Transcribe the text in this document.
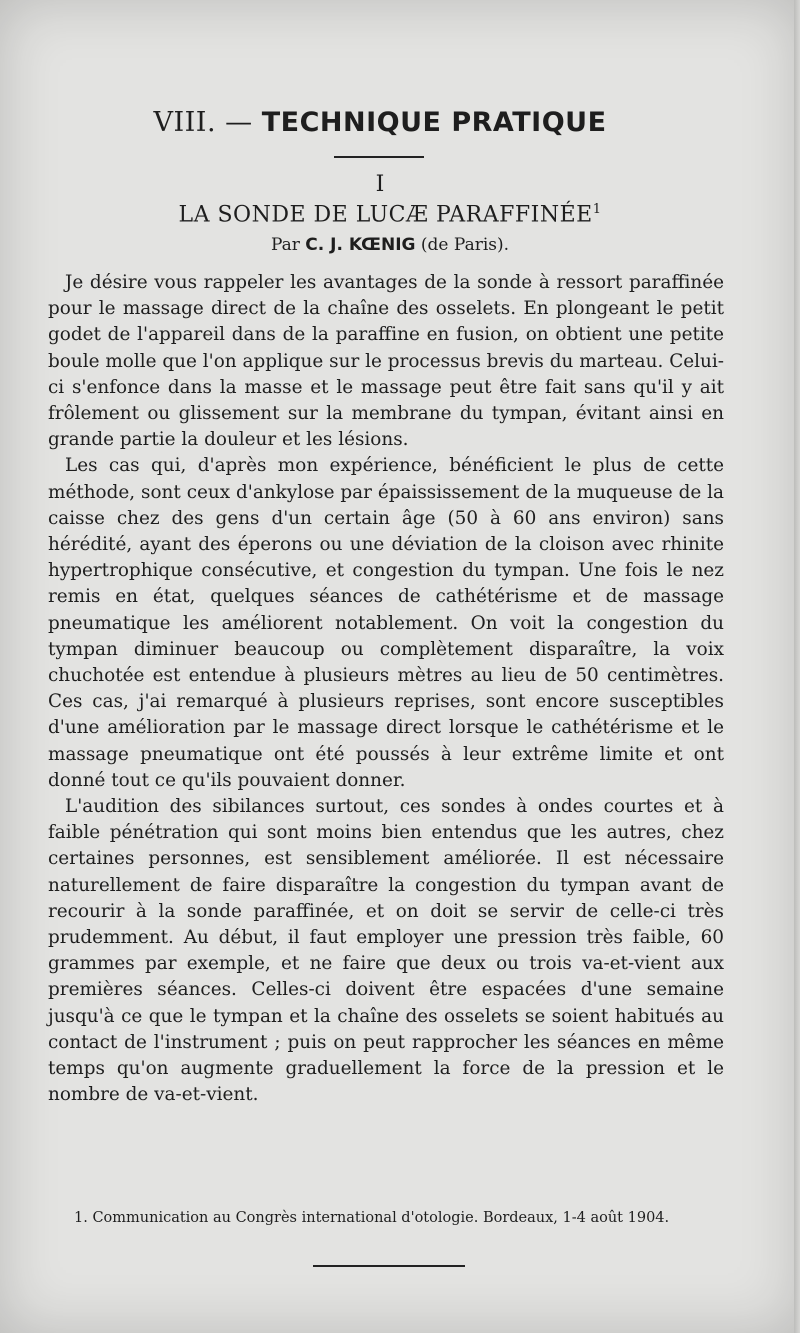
VIII. — TECHNIQUE PRATIQUE
I
LA SONDE DE LUCÆ PARAFFINÉE$^1$
Par C. J. KŒNIG (de Paris).

Je désire vous rappeler les avantages de la sonde à ressort paraffinée pour le massage direct de la chaîne des osselets. En plongeant le petit godet de l'appareil dans de la paraffine en fusion, on obtient une petite boule molle que l'on applique sur le processus brevis du marteau. Celui-ci s'enfonce dans la masse et le massage peut être fait sans qu'il y ait frôlement ou glissement sur la membrane du tympan, évitant ainsi en grande partie la douleur et les lésions.

Les cas qui, d'après mon expérience, bénéficient le plus de cette méthode, sont ceux d'ankylose par épaississement de la muqueuse de la caisse chez des gens d'un certain âge (50 à 60 ans environ) sans hérédité, ayant des éperons ou une déviation de la cloison avec rhinite hypertrophique consécutive, et congestion du tympan. Une fois le nez remis en état, quelques séances de cathétérisme et de massage pneumatique les améliorent notablement. On voit la congestion du tympan diminuer beaucoup ou complètement disparaître, la voix chuchotée est entendue à plusieurs mètres au lieu de 50 centimètres. Ces cas, j'ai remarqué à plusieurs reprises, sont encore susceptibles d'une amélioration par le massage direct lorsque le cathétérisme et le massage pneumatique ont été poussés à leur extrême limite et ont donné tout ce qu'ils pouvaient donner.

L'audition des sibilances surtout, ces sondes à ondes courtes et à faible pénétration qui sont moins bien entendus que les autres, chez certaines personnes, est sensiblement améliorée. Il est nécessaire naturellement de faire disparaître la congestion du tympan avant de recourir à la sonde paraffinée, et on doit se servir de celle-ci très prudemment. Au début, il faut employer une pression très faible, 60 grammes par exemple, et ne faire que deux ou trois va-et-vient aux premières séances. Celles-ci doivent être espacées d'une semaine jusqu'à ce que le tympan et la chaîne des osselets se soient habitués au contact de l'instrument ; puis on peut rapprocher les séances en même temps qu'on augmente graduellement la force de la pression et le nombre de va-et-vient.

1. Communication au Congrès international d'otologie. Bordeaux, 1-4 août 1904.
